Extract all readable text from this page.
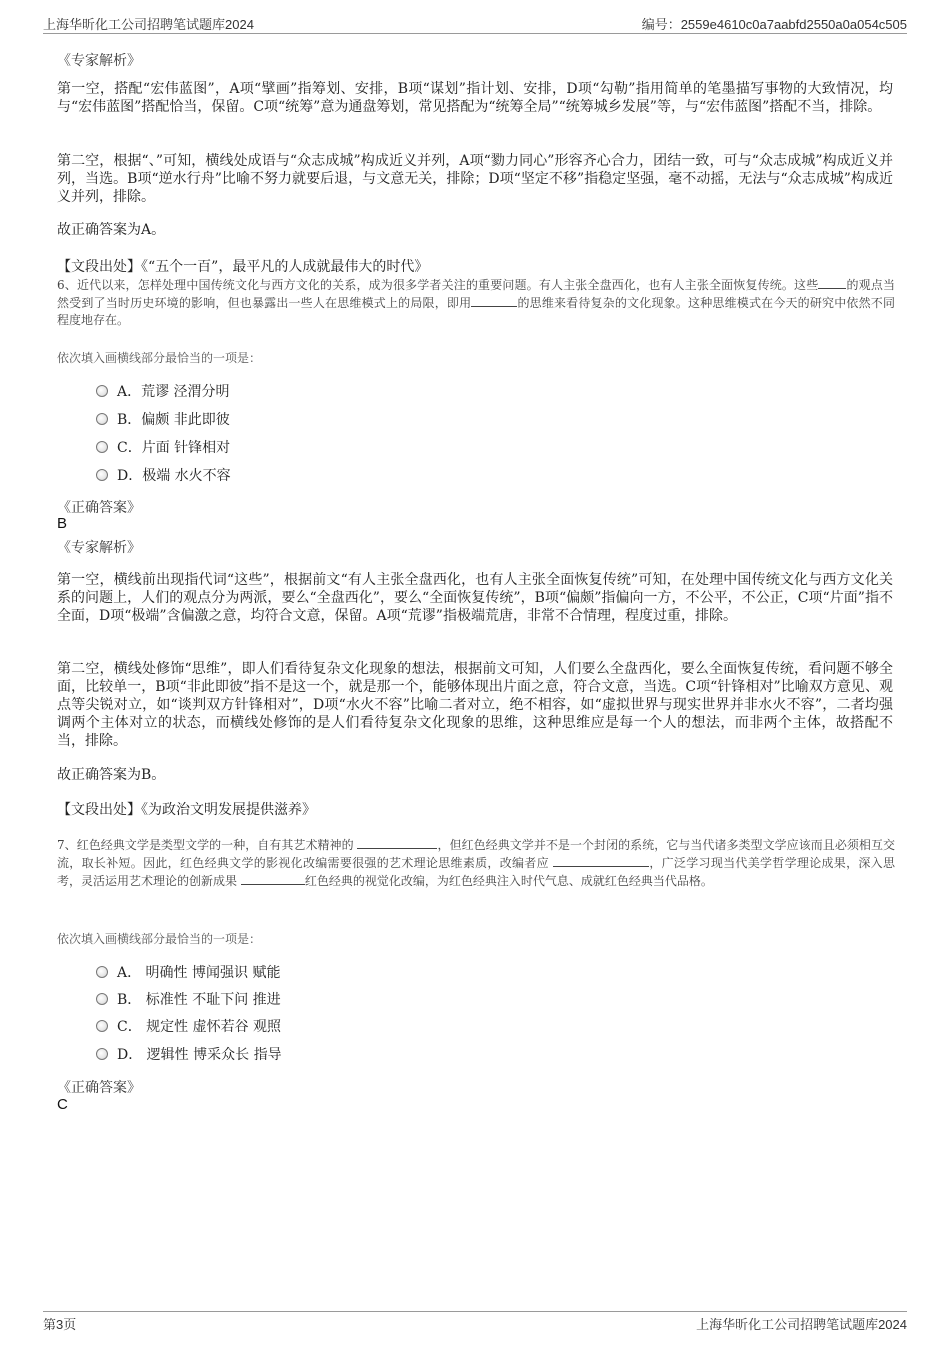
上海华昕化工公司招聘笔试题库2024	编号：2559e4610c0a7aabfd2550a0a054c505
《专家解析》
第一空，搭配“宏伟蓝图”，A项“擘画”指筹划、安排，B项“谋划”指计划、安排，D项“勾勒”指用简单的笔墨描写事物的大致情况，均与“宏伟蓝图”搭配恰当，保留。C项“统筹”意为通盘筹划，常见搭配为“统筹全局”“统筹城乡发展”等，与“宏伟蓝图”搭配不当，排除。
第二空，根据“、”可知，横线处成语与“众志成城”构成近义并列，A项“勠力同心”形容齐心合力，团结一致，可与“众志成城”构成近义并列，当选。B项“逆水行舟”比喻不努力就要后退，与文意无关，排除；D项“坚定不移”指稳定坚强，毫不动摇，无法与“众志成城”构成近义并列，排除。
故正确答案为A。
【文段出处】《“五个一百”，最平凡的人成就最伟大的时代》
6、近代以来，怎样处理中国传统文化与西方文化的关系，成为很多学者关注的重要问题。有人主张全盘西化，也有人主张全面恢复传统。这些 的观点当然受到了当时历史环境的影响，但也暴露出一些人在思维模式上的局限，即用	的思维来看待复杂的文化现象。这种思维模式在今天的研究中依然不同程度地存在。
依次填入画横线部分最恰当的一项是：
A．荒谬 泾渭分明
B．偏颇 非此即彼
C．片面 针锋相对
D．极端 水火不容
《正确答案》
B
《专家解析》
第一空，横线前出现指代词“这些”，根据前文“有人主张全盘西化，也有人主张全面恢复传统”可知，在处理中国传统文化与西方文化关系的问题上，人们的观点分为两派，要么“全盘西化”，要么“全面恢复传统”，B项“偏颇”指偏向一方，不公平，不公正，C项“片面”指不全面，D项“极端”含偏激之意，均符合文意，保留。A项“荒谬”指极端荒唐，非常不合情理，程度过重，排除。
第二空，横线处修饰“思维”，即人们看待复杂文化现象的想法，根据前文可知，人们要么全盘西化，要么全面恢复传统，看问题不够全面，比较单一，B项“非此即彼”指不是这一个，就是那一个，能够体现出片面之意，符合文意，当选。C项“针锋相对”比喻双方意见、观点等尖锐对立，如“谈判双方针锋相对”，D项“水火不容”比喻二者对立，绝不相容，如“虚拟世界与现实世界并非水火不容”，二者均强调两个主体对立的状态，而横线处修饰的是人们看待复杂文化现象的思维，这种思维应是每一个人的想法，而非两个主体，故搭配不当，排除。
故正确答案为B。
【文段出处】《为政治文明发展提供滋养》
7、红色经典文学是类型文学的一种，自有其艺术精神的	，但红色经典文学并不是一个封闭的系统，它与当代诸多类型文学应该而且必须相互交流，取长补短。因此，红色经典文学的影视化改编需要很强的艺术理论思维素质，改编者应	，广泛学习现当代美学哲学理论成果，深入思考，灵活运用艺术理论的创新成果	红色经典的视觉化改编，为红色经典注入时代气息、成就红色经典当代品格。
依次填入画横线部分最恰当的一项是：
A． 明确性 博闻强识 赋能
B． 标准性 不耻下问 推进
C． 规定性 虚怀若谷 观照
D． 逻辑性 博采众长 指导
《正确答案》
C
第3页	上海华昕化工公司招聘笔试题库2024
